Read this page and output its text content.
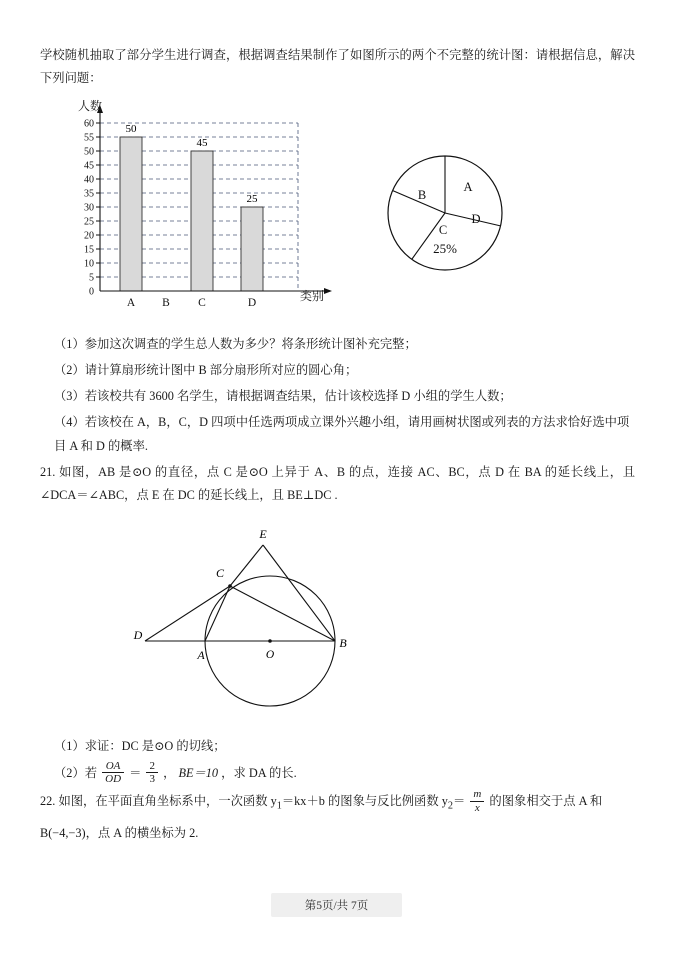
学校随机抽取了部分学生进行调查，根据调查结果制作了如图所示的两个不完整的统计图：请根据信息，解决下列问题：

50
45
25
60
55
50
45
40
35
30
25
20
15
10
5
0
A B C	D
人数
类别
A
B
C
D
25%

（1）参加这次调查的学生总人数为多少？将条形统计图补充完整；

（2）请计算扇形统计图中 B 部分扇形所对应的圆心角；

（3）若该校共有 3600 名学生，请根据调查结果，估计该校选择 D 小组的学生人数；

（4）若该校在 A，B，C，D 四项中任选两项成立课外兴趣小组，请用画树状图或列表的方法求恰好选中项目 A 和 D 的概率.

21. 如图，AB 是⊙O 的直径，点 C 是⊙O 上异于 A、B 的点，连接 AC、BC，点 D 在 BA 的延长线上，且∠DCA＝∠ABC，点 E 在 DC 的延长线上，且 BE⊥DC .

O
E
C
D
A
B

（1）求证：DC 是⊙O 的切线；

（2）若 $\frac{OA}{OD} = \frac{2}{3}$ ， BE＝10 ，求 DA 的长.

22. 如图，在平面直角坐标系中，一次函数 $y_1=kx+b$ 的图象与反比例函数 $y_2= \frac{m}{x}$ 的图象相交于点 A 和

B(−4,−3)，点 A 的横坐标为 2.

第5页/共 7页
